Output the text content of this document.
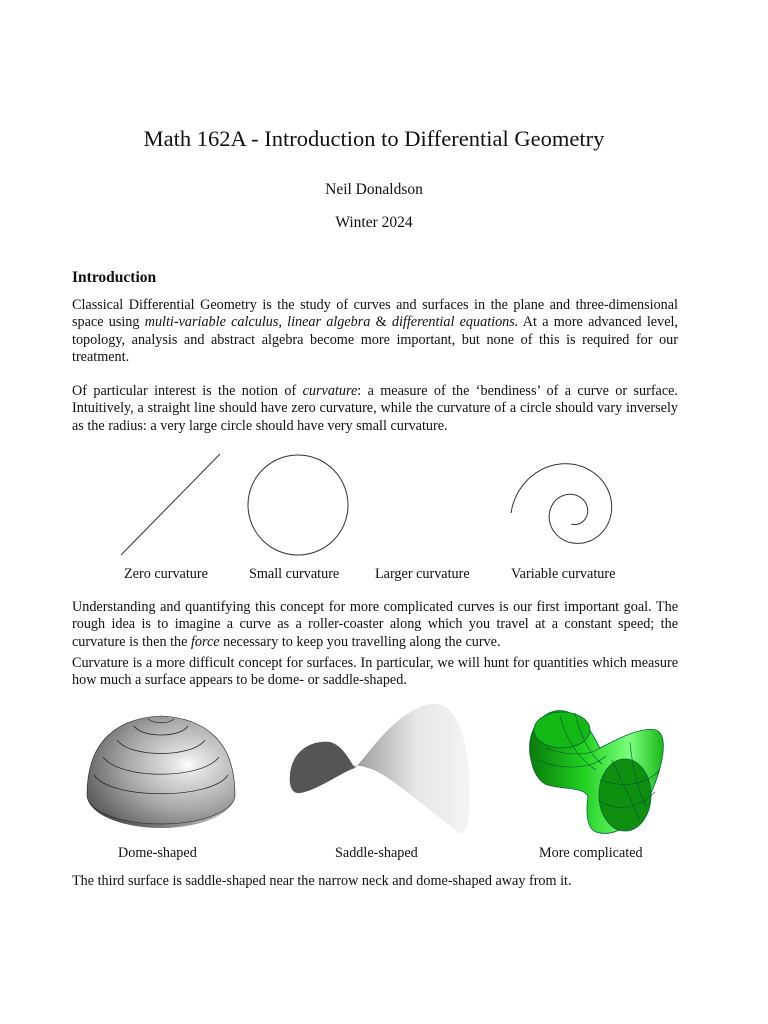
Math 162A - Introduction to Differential Geometry
Neil Donaldson
Winter 2024
Introduction
Classical Differential Geometry is the study of curves and surfaces in the plane and three-dimensional space using multi-variable calculus, linear algebra & differential equations. At a more advanced level, topology, analysis and abstract algebra become more important, but none of this is required for our treatment.
Of particular interest is the notion of curvature: a measure of the ‘bendiness’ of a curve or surface. Intuitively, a straight line should have zero curvature, while the curvature of a circle should vary inversely as the radius: a very large circle should have very small curvature.
Zero curvature	Small curvature	Larger curvature	Variable curvature
Understanding and quantifying this concept for more complicated curves is our first important goal. The rough idea is to imagine a curve as a roller-coaster along which you travel at a constant speed; the curvature is then the force necessary to keep you travelling along the curve.
Curvature is a more difficult concept for surfaces. In particular, we will hunt for quantities which measure how much a surface appears to be dome- or saddle-shaped.
Dome-shaped	Saddle-shaped	More complicated
The third surface is saddle-shaped near the narrow neck and dome-shaped away from it.
